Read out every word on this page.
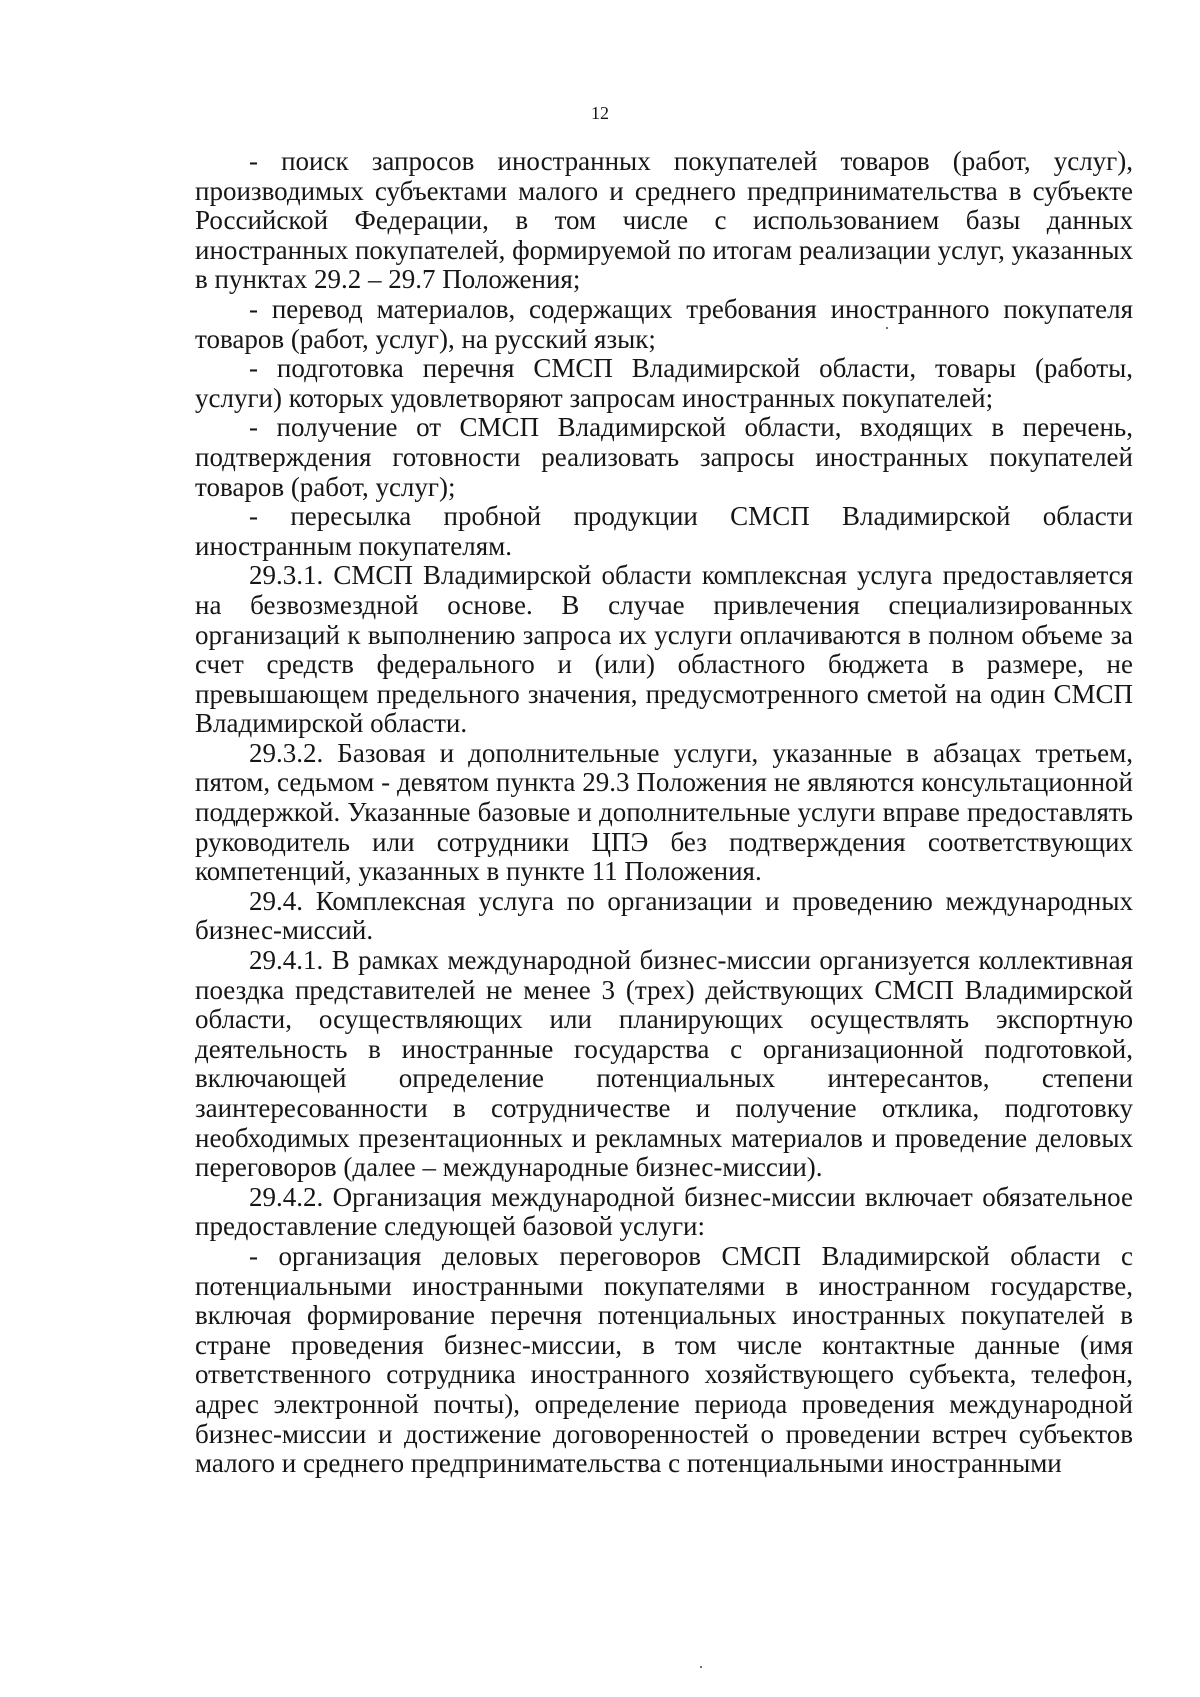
12

- поиск запросов иностранных покупателей товаров (работ, услуг), производимых субъектами малого и среднего предпринимательства в субъекте Российской Федерации, в том числе с использованием базы данных иностранных покупателей, формируемой по итогам реализации услуг, указанных в пунктах 29.2 – 29.7 Положения;

- перевод материалов, содержащих требования иностранного покупателя товаров (работ, услуг), на русский язык;

- подготовка перечня СМСП Владимирской области, товары (работы, услуги) которых удовлетворяют запросам иностранных покупателей;

- получение от СМСП Владимирской области, входящих в перечень, подтверждения готовности реализовать запросы иностранных покупателей товаров (работ, услуг);

- пересылка пробной продукции СМСП Владимирской области иностранным покупателям.

29.3.1. СМСП Владимирской области комплексная услуга предоставляется на безвозмездной основе. В случае привлечения специализированных организаций к выполнению запроса их услуги оплачиваются в полном объеме за счет средств федерального и (или) областного бюджета в размере, не превышающем предельного значения, предусмотренного сметой на один СМСП Владимирской области.

29.3.2. Базовая и дополнительные услуги, указанные в абзацах третьем, пятом, седьмом - девятом пункта 29.3 Положения не являются консультационной поддержкой. Указанные базовые и дополнительные услуги вправе предоставлять руководитель или сотрудники ЦПЭ без подтверждения соответствующих компетенций, указанных в пункте 11 Положения.

29.4. Комплексная услуга по организации и проведению международных бизнес-миссий.

29.4.1. В рамках международной бизнес-миссии организуется коллективная поездка представителей не менее 3 (трех) действующих СМСП Владимирской области, осуществляющих или планирующих осуществлять экспортную деятельность в иностранные государства с организационной подготовкой, включающей определение потенциальных интересантов, степени заинтересованности в сотрудничестве и получение отклика, подготовку необходимых презентационных и рекламных материалов и проведение деловых переговоров (далее – международные бизнес-миссии).

29.4.2. Организация международной бизнес-миссии включает обязательное предоставление следующей базовой услуги:

- организация деловых переговоров СМСП Владимирской области с потенциальными иностранными покупателями в иностранном государстве, включая формирование перечня потенциальных иностранных покупателей в стране проведения бизнес-миссии, в том числе контактные данные (имя ответственного сотрудника иностранного хозяйствующего субъекта, телефон, адрес электронной почты), определение периода проведения международной бизнес-миссии и достижение договоренностей о проведении встреч субъектов малого и среднего предпринимательства с потенциальными иностранными
